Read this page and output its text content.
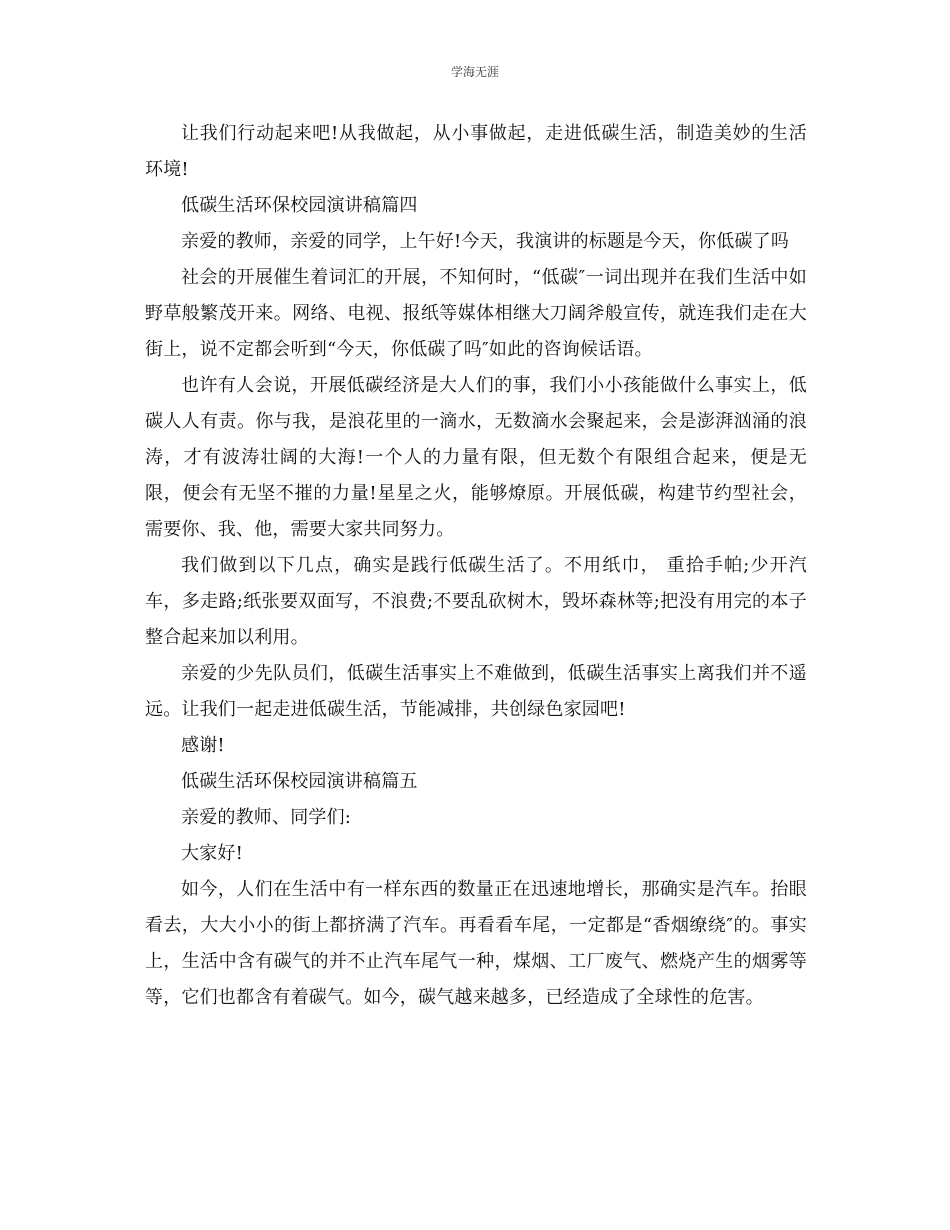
学海无涯

让我们行动起来吧!从我做起，从小事做起，走进低碳生活，制造美妙的生活环境!

低碳生活环保校园演讲稿篇四

亲爱的教师，亲爱的同学，上午好!今天，我演讲的标题是今天，你低碳了吗

社会的开展催生着词汇的开展，不知何时，“低碳″一词出现并在我们生活中如野草般繁茂开来。网络、电视、报纸等媒体相继大刀阔斧般宣传，就连我们走在大街上，说不定都会听到“今天，你低碳了吗″如此的咨询候话语。

也许有人会说，开展低碳经济是大人们的事，我们小小孩能做什么事实上，低碳人人有责。你与我，是浪花里的一滴水，无数滴水会聚起来，会是澎湃汹涌的浪涛，才有波涛壮阔的大海!一个人的力量有限，但无数个有限组合起来，便是无限，便会有无坚不摧的力量!星星之火，能够燎原。开展低碳，构建节约型社会，需要你、我、他，需要大家共同努力。

我们做到以下几点，确实是践行低碳生活了。不用纸巾， 重拾手帕;少开汽车，多走路;纸张要双面写，不浪费;不要乱砍树木，毁坏森林等;把没有用完的本子整合起来加以利用。

亲爱的少先队员们，低碳生活事实上不难做到，低碳生活事实上离我们并不遥远。让我们一起走进低碳生活，节能减排，共创绿色家园吧!

感谢!

低碳生活环保校园演讲稿篇五

亲爱的教师、同学们:

大家好!

如今，人们在生活中有一样东西的数量正在迅速地增长，那确实是汽车。抬眼看去，大大小小的街上都挤满了汽车。再看看车尾，一定都是“香烟缭绕″的。事实上，生活中含有碳气的并不止汽车尾气一种，煤烟、工厂废气、燃烧产生的烟雾等等，它们也都含有着碳气。如今，碳气越来越多，已经造成了全球性的危害。
